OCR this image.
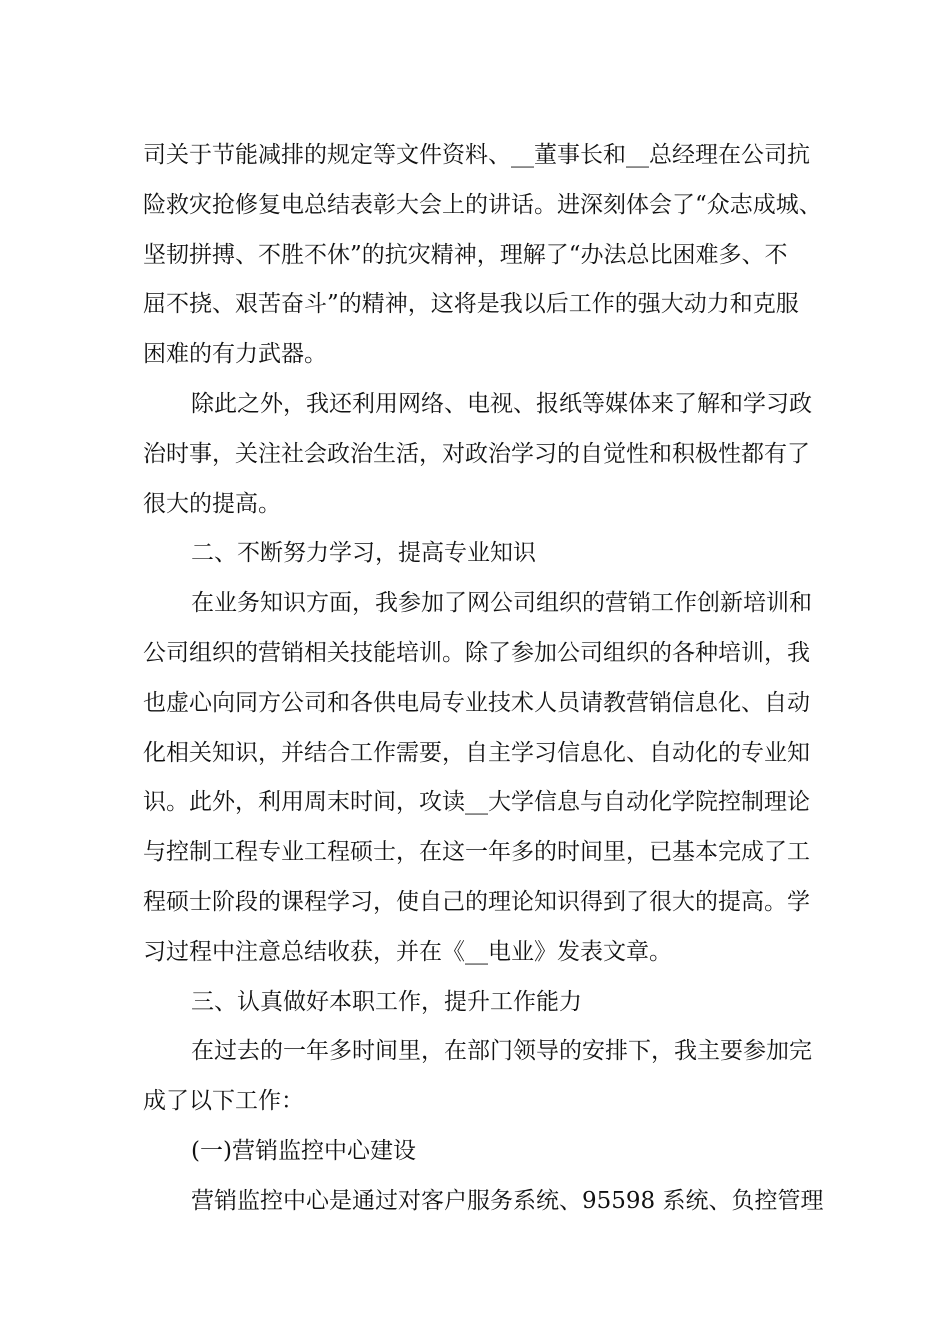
司关于节能减排的规定等文件资料、__董事长和__总经理在公司抗
险救灾抢修复电总结表彰大会上的讲话。进深刻体会了“众志成城、
坚韧拼搏、不胜不休”的抗灾精神，理解了“办法总比困难多、不
屈不挠、艰苦奋斗”的精神，这将是我以后工作的强大动力和克服
困难的有力武器。
除此之外，我还利用网络、电视、报纸等媒体来了解和学习政
治时事，关注社会政治生活，对政治学习的自觉性和积极性都有了
很大的提高。
二、不断努力学习，提高专业知识
在业务知识方面，我参加了网公司组织的营销工作创新培训和
公司组织的营销相关技能培训。除了参加公司组织的各种培训，我
也虚心向同方公司和各供电局专业技术人员请教营销信息化、自动
化相关知识，并结合工作需要，自主学习信息化、自动化的专业知
识。此外，利用周末时间，攻读__大学信息与自动化学院控制理论
与控制工程专业工程硕士，在这一年多的时间里，已基本完成了工
程硕士阶段的课程学习，使自己的理论知识得到了很大的提高。学
习过程中注意总结收获，并在《__电业》发表文章。
三、认真做好本职工作，提升工作能力
在过去的一年多时间里，在部门领导的安排下，我主要参加完
成了以下工作：
(一)营销监控中心建设
营销监控中心是通过对客户服务系统、95598 系统、负控管理
